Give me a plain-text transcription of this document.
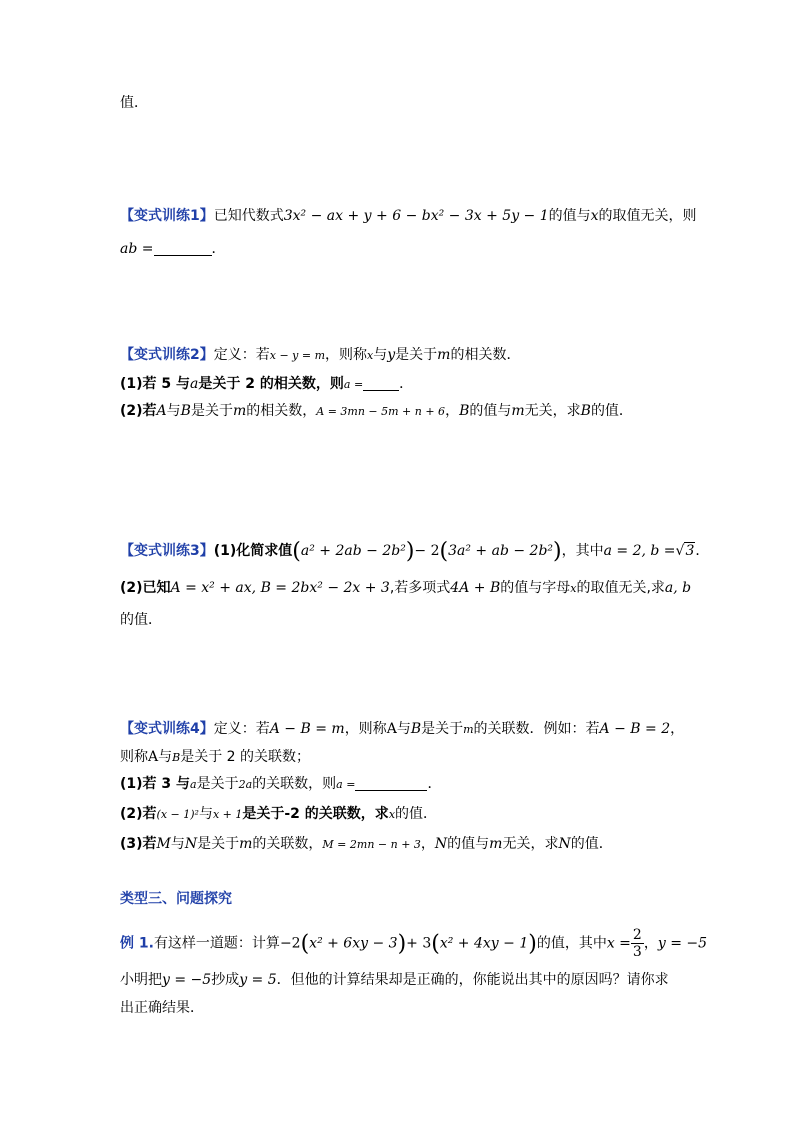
值．
【变式训练1】已知代数式3x² − ax + y + 6 − bx² − 3x + 5y − 1的值与x的取值无关，则
ab =	．
【变式训练2】定义：若x − y = m，则称x与y是关于m的相关数．
(1)若 5 与a是关于 2 的相关数，则a =	．
(2)若A与B是关于m的相关数，A = 3mn − 5m + n + 6，B的值与m无关，求B的值．
【变式训练3】(1)化简求值(a² + 2ab − 2b²)− 2(3a² + ab − 2b²)，其中a = 2, b =√3．
(2)已知A = x² + ax, B = 2bx² − 2x + 3,若多项式4A + B的值与字母x的取值无关,求a, b
的值．
【变式训练4】定义：若A − B = m，则称A与B是关于m的关联数．例如：若A − B = 2，
则称A与B是关于 2 的关联数；
(1)若 3 与a是关于2a的关联数，则a =	．
(2)若(x − 1)²与x + 1是关于-2 的关联数，求x的值．
(3)若M与N是关于m的关联数，M = 2mn − n + 3，N的值与m无关，求N的值．
类型三、问题探究
例 1.有这样一道题：计算−2(x² + 6xy − 3)+ 3(x² + 4xy − 1)的值，其中$x = \frac{2}{3}$ ，y = −5
小明把y = −5抄成y = 5．但他的计算结果却是正确的，你能说出其中的原因吗？请你求
出正确结果．
